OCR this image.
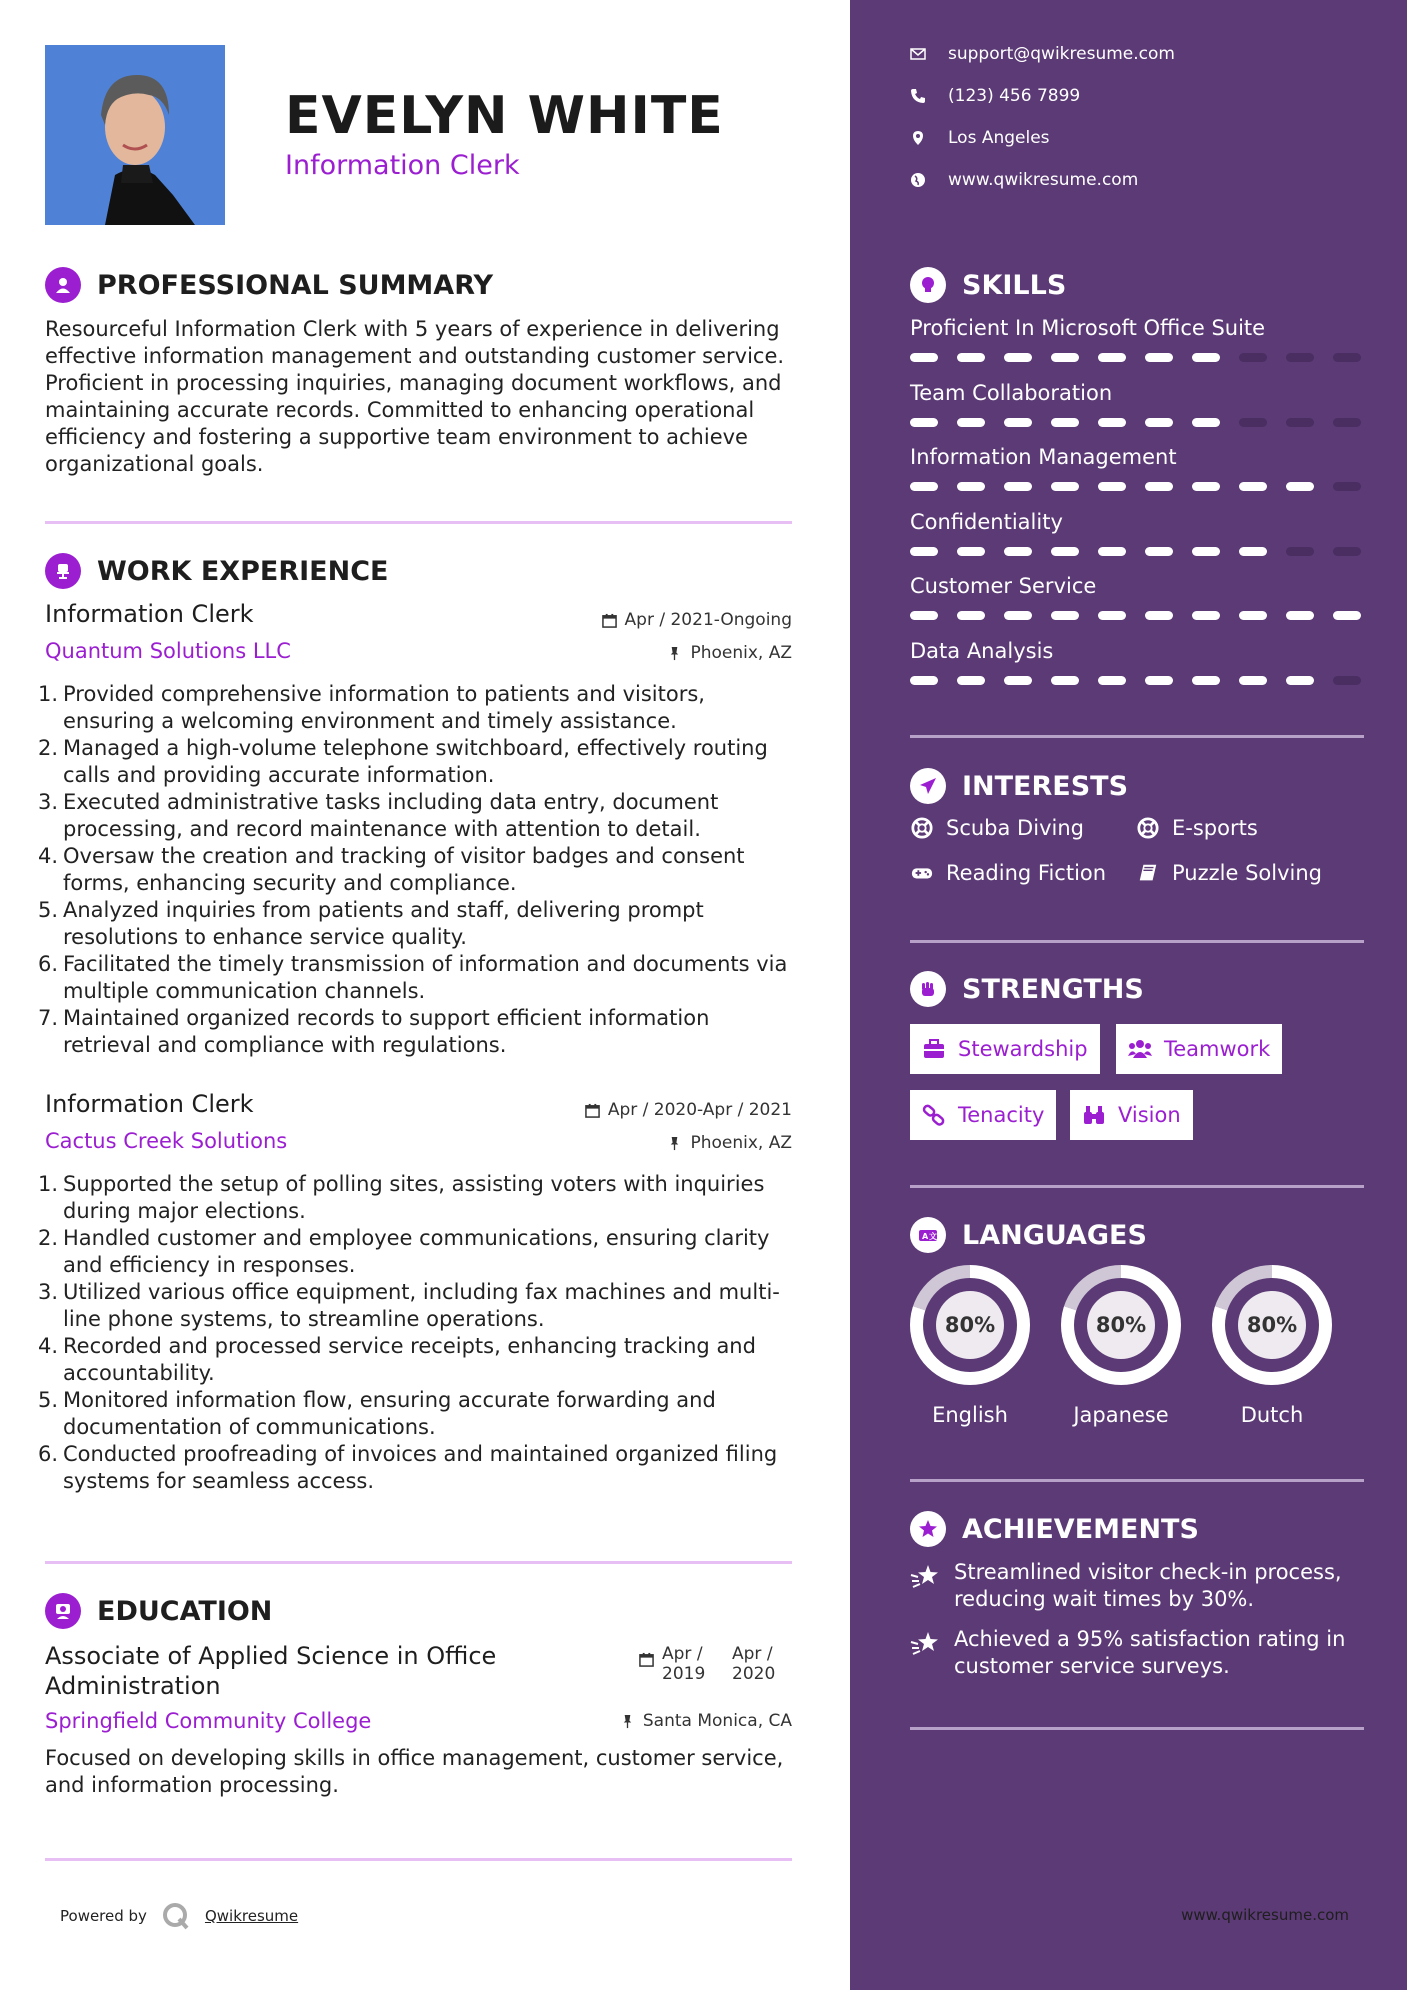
EVELYN WHITE
Information Clerk
PROFESSIONAL SUMMARY
Resourceful Information Clerk with 5 years of experience in delivering effective information management and outstanding customer service. Proficient in processing inquiries, managing document workflows, and maintaining accurate records. Committed to enhancing operational efficiency and fostering a supportive team environment to achieve organizational goals.
WORK EXPERIENCE
Information Clerk	Apr / 2021-Ongoing
Quantum Solutions LLC	Phoenix, AZ
1. Provided comprehensive information to patients and visitors, ensuring a welcoming environment and timely assistance.
2. Managed a high-volume telephone switchboard, effectively routing calls and providing accurate information.
3. Executed administrative tasks including data entry, document processing, and record maintenance with attention to detail.
4. Oversaw the creation and tracking of visitor badges and consent forms, enhancing security and compliance.
5. Analyzed inquiries from patients and staff, delivering prompt resolutions to enhance service quality.
6. Facilitated the timely transmission of information and documents via multiple communication channels.
7. Maintained organized records to support efficient information retrieval and compliance with regulations.
Information Clerk	Apr / 2020-Apr / 2021
Cactus Creek Solutions	Phoenix, AZ
1. Supported the setup of polling sites, assisting voters with inquiries during major elections.
2. Handled customer and employee communications, ensuring clarity and efficiency in responses.
3. Utilized various office equipment, including fax machines and multi-line phone systems, to streamline operations.
4. Recorded and processed service receipts, enhancing tracking and accountability.
5. Monitored information flow, ensuring accurate forwarding and documentation of communications.
6. Conducted proofreading of invoices and maintained organized filing systems for seamless access.
EDUCATION
Associate of Applied Science in Office Administration
Apr / 2019
Apr / 2020
Springfield Community College	Santa Monica, CA
Focused on developing skills in office management, customer service, and information processing.
Powered by	Qwikresume
support@qwikresume.com
(123) 456 7899
Los Angeles
www.qwikresume.com
SKILLS
Proficient In Microsoft Office Suite
Team Collaboration
Information Management
Confidentiality
Customer Service
Data Analysis
INTERESTS
Scuba Diving	E-sports
Reading Fiction	Puzzle Solving
STRENGTHS
Stewardship	Teamwork
Tenacity	Vision
A 文 LANGUAGES
80%
English
80%
Japanese
80%
Dutch
ACHIEVEMENTS
Streamlined visitor check-in process, reducing wait times by 30%.
Achieved a 95% satisfaction rating in customer service surveys.
www.qwikresume.com
